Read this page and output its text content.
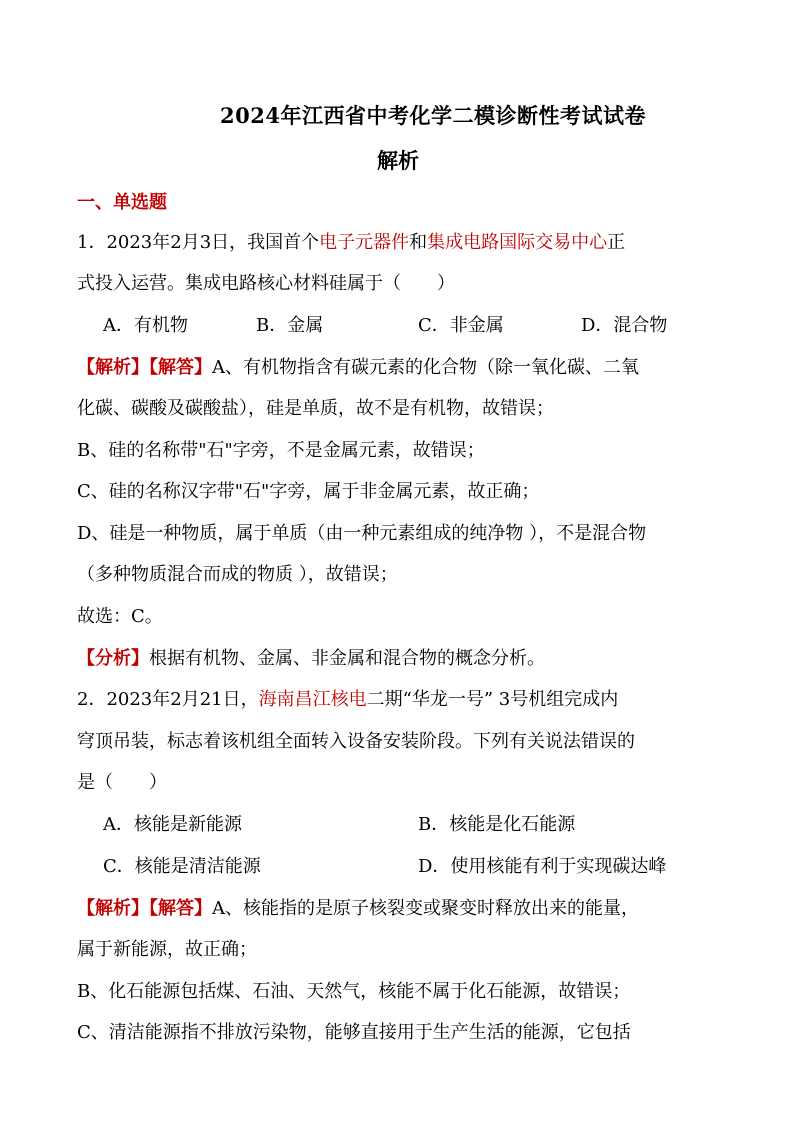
2024年江西省中考化学二模诊断性考试试卷
解析
一、单选题
1．2023年2月3日，我国首个电子元器件和集成电路国际交易中心正
式投入运营。集成电路核心材料硅属于（　　）
A．有机物	B．金属	C．非金属	D．混合物
【解析】【解答】A、有机物指含有碳元素的化合物（除一氧化碳、二氧
化碳、碳酸及碳酸盐），硅是单质，故不是有机物，故错误；
B、硅的名称带"石"字旁，不是金属元素，故错误；
C、硅的名称汉字带"石"字旁，属于非金属元素，故正确；
D、硅是一种物质，属于单质（由一种元素组成的纯净物 ），不是混合物
（多种物质混合而成的物质 ），故错误；
故选：C。
【分析】根据有机物、金属、非金属和混合物的概念分析。
2．2023年2月21日，海南昌江核电二期“华龙一号” 3号机组完成内
穹顶吊装，标志着该机组全面转入设备安装阶段。下列有关说法错误的
是（　　）
A．核能是新能源	B．核能是化石能源
C．核能是清洁能源	D．使用核能有利于实现碳达峰
【解析】【解答】A、核能指的是原子核裂变或聚变时释放出来的能量，
属于新能源，故正确；
B、化石能源包括煤、石油、天然气，核能不属于化石能源，故错误；
C、清洁能源指不排放污染物，能够直接用于生产生活的能源，它包括
